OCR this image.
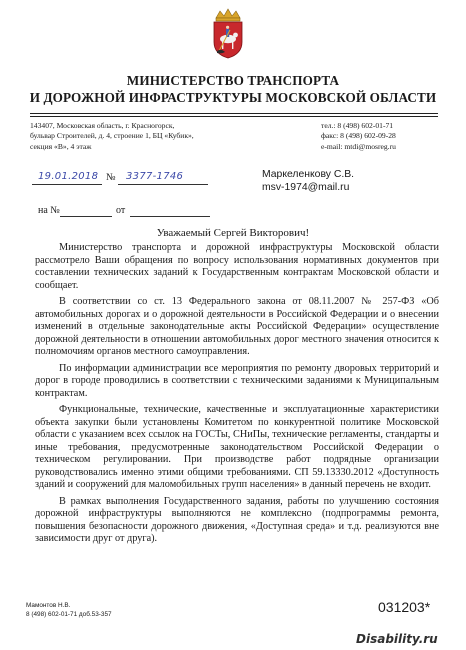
МИНИСТЕРСТВО ТРАНСПОРТА
И ДОРОЖНОЙ ИНФРАСТРУКТУРЫ МОСКОВСКОЙ ОБЛАСТИ
143407, Московская область, г. Красногорск,
бульвар Строителей, д. 4, строение 1, БЦ «Кубик»,
секция «В», 4 этаж
тел.: 8 (498) 602-01-71
факс: 8 (498) 602-09-28
e-mail: mtdi@mosreg.ru
19.01.2018 № 3377-1746
на №	от
Маркеленкову С.В.
msv-1974@mail.ru
Уважаемый Сергей Викторович!

Министерство транспорта и дорожной инфраструктуры Московской области рассмотрело Ваши обращения по вопросу использования нормативных документов при составлении технических заданий к Государственным контрактам Московской области и сообщает.

В соответствии со ст. 13 Федерального закона от 08.11.2007 № 257-ФЗ «Об автомобильных дорогах и о дорожной деятельности в Российской Федерации и о внесении изменений в отдельные законодательные акты Российской Федерации» осуществление дорожной деятельности в отношении автомобильных дорог местного значения относится к полномочиям органов местного самоуправления.

По информации администрации все мероприятия по ремонту дворовых территорий и дорог в городе проводились в соответствии с техническими заданиями к Муниципальным контрактам.

Функциональные, технические, качественные и эксплуатационные характеристики объекта закупки были установлены Комитетом по конкурентной политике Московской области с указанием всех ссылок на ГОСТы, СНиПы, технические регламенты, стандарты и иные требования, предусмотренные законодательством Российской Федерации о техническом регулировании. При производстве работ подрядные организации руководствовались именно этими общими требованиями. СП 59.13330.2012 «Доступность зданий и сооружений для маломобильных групп населения» в данный перечень не входит.

В рамках выполнения Государственного задания, работы по улучшению состояния дорожной инфраструктуры выполняются не комплексно (подпрограммы ремонта, повышения безопасности дорожного движения, «Доступная среда» и т.д. реализуются вне зависимости друг от друга).

Мамонтов Н.В.
8 (498) 602-01-71 доб.53-357	031203*
Disability.ru
